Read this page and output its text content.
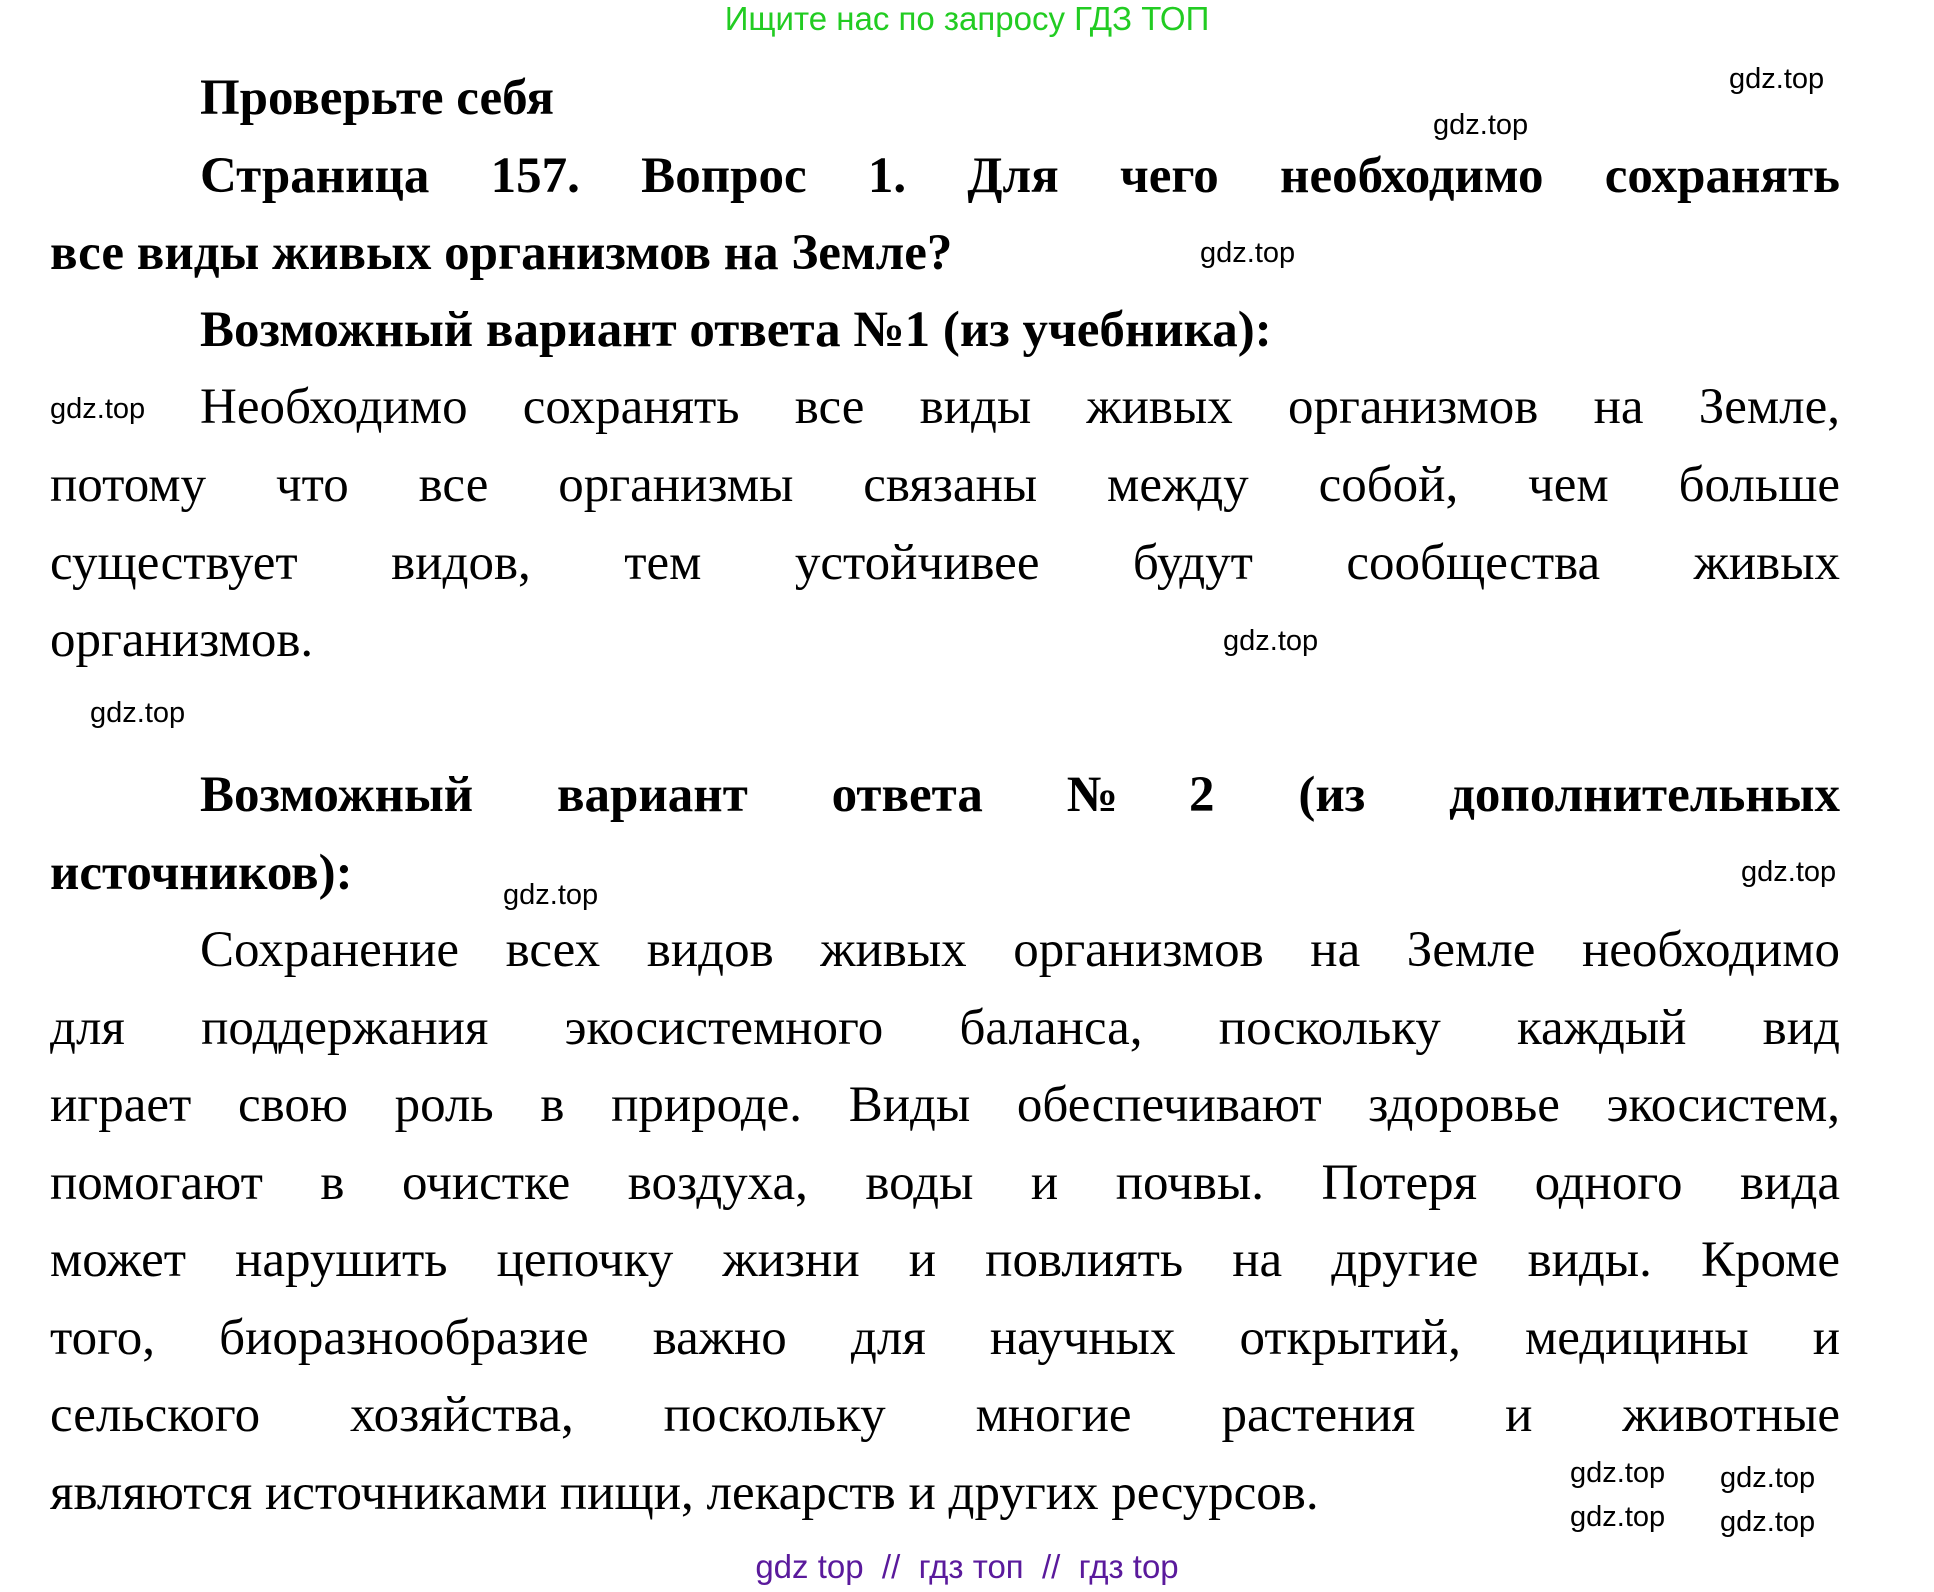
Ищите нас по запросу ГДЗ ТОП
Проверьте себя
Страница 157. Вопрос 1. Для чего необходимо сохранять
все виды живых организмов на Земле?
Возможный вариант ответа №1 (из учебника):
Необходимо сохранять все виды живых организмов на Земле,
потому что все организмы связаны между собой, чем больше
существует видов, тем устойчивее будут сообщества живых
организмов.
Возможный вариант ответа №2 (из дополнительных
источников):
Сохранение всех видов живых организмов на Земле необходимо
для поддержания экосистемного баланса, поскольку каждый вид
играет свою роль в природе. Виды обеспечивают здоровье экосистем,
помогают в очистке воздуха, воды и почвы. Потеря одного вида
может нарушить цепочку жизни и повлиять на другие виды. Кроме
того, биоразнообразие важно для научных открытий, медицины и
сельского хозяйства, поскольку многие растения и животные
являются источниками пищи, лекарств и других ресурсов.
gdz.top
gdz.top
gdz.top
gdz.top
gdz.top
gdz.top
gdz.top
gdz.top
gdz.top
gdz.top gdz.top
gdz.top
gdz top  //  гдз топ  //  гдз top
